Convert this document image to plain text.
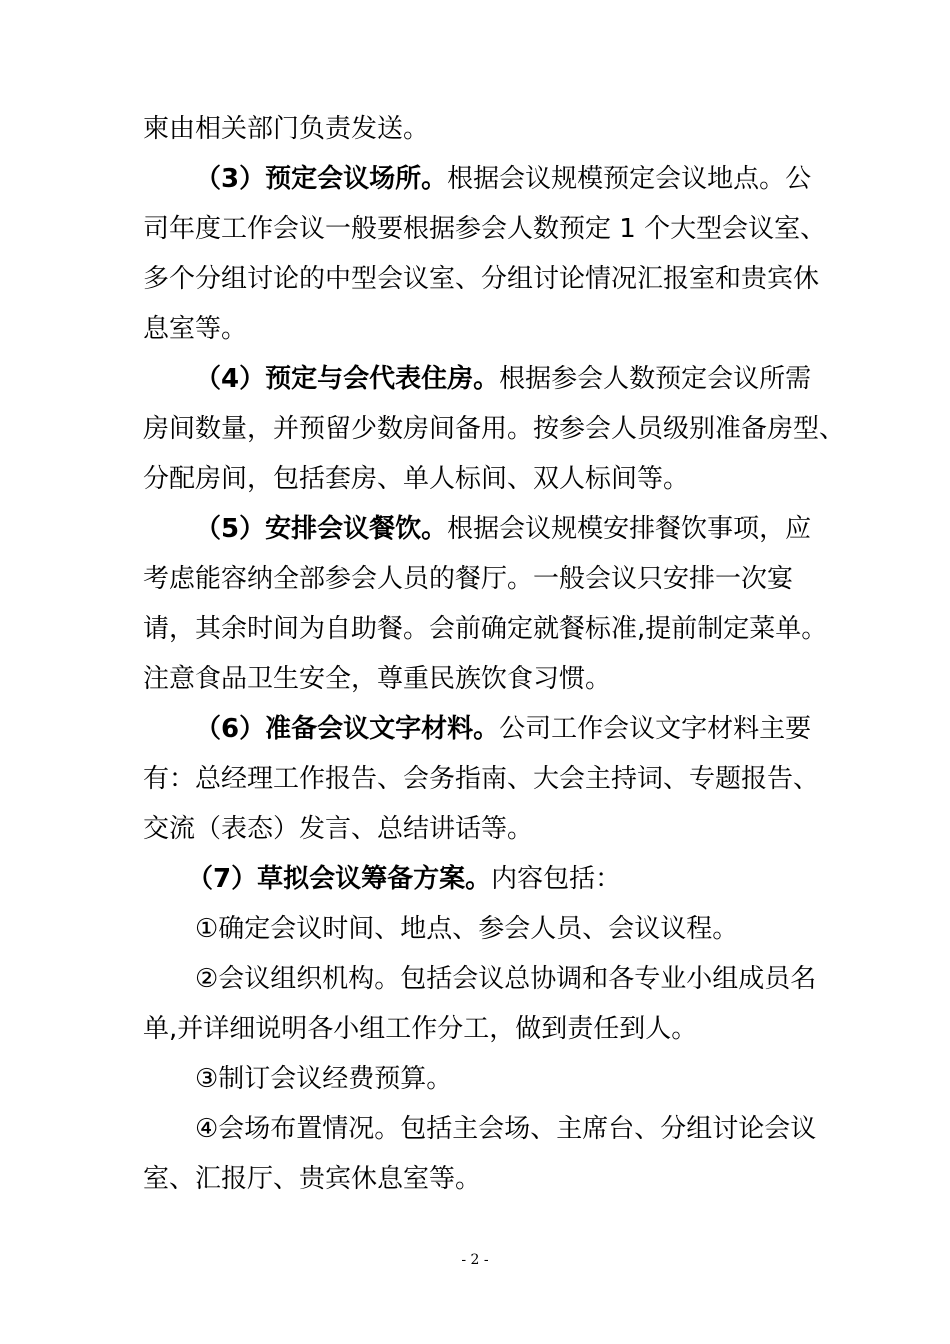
柬由相关部门负责发送。
（3）预定会议场所。根据会议规模预定会议地点。公
司年度工作会议一般要根据参会人数预定 1 个大型会议室、
多个分组讨论的中型会议室、分组讨论情况汇报室和贵宾休
息室等。
（4）预定与会代表住房。根据参会人数预定会议所需
房间数量，并预留少数房间备用。按参会人员级别准备房型、
分配房间，包括套房、单人标间、双人标间等。
（5）安排会议餐饮。根据会议规模安排餐饮事项，应
考虑能容纳全部参会人员的餐厅。一般会议只安排一次宴
请，其余时间为自助餐。会前确定就餐标准,提前制定菜单。
注意食品卫生安全，尊重民族饮食习惯。
（6）准备会议文字材料。公司工作会议文字材料主要
有：总经理工作报告、会务指南、大会主持词、专题报告、
交流（表态）发言、总结讲话等。
（7）草拟会议筹备方案。内容包括：
①确定会议时间、地点、参会人员、会议议程。
②会议组织机构。包括会议总协调和各专业小组成员名
单,并详细说明各小组工作分工，做到责任到人。
③制订会议经费预算。
④会场布置情况。包括主会场、主席台、分组讨论会议
室、汇报厅、贵宾休息室等。
- 2 -
